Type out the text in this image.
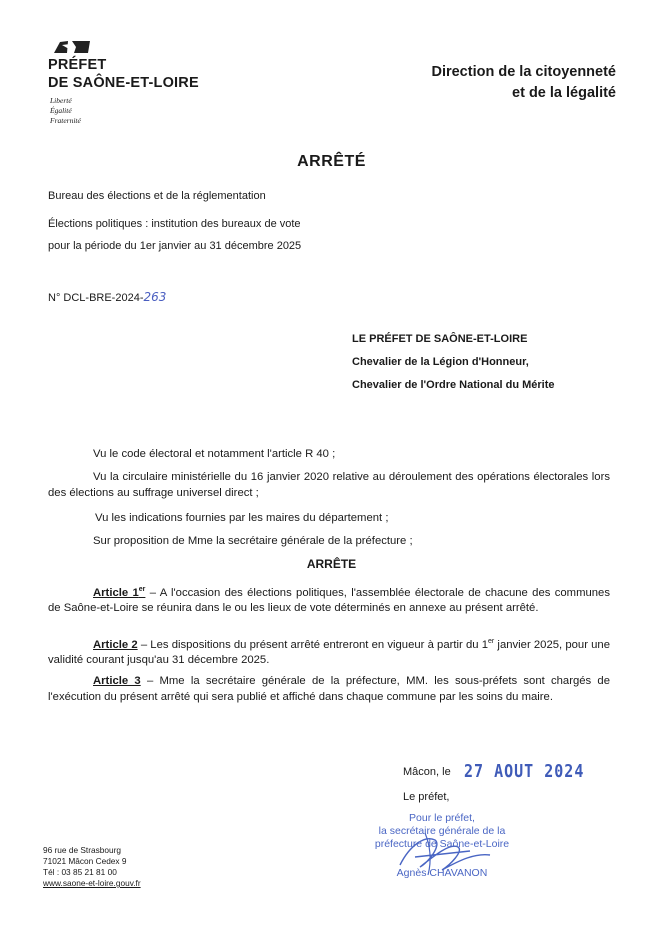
PRÉFET
DE SAÔNE-ET-LOIRE
Liberté
Égalité
Fraternité
Direction de la citoyenneté
et de la légalité
ARRÊTÉ
Bureau des élections et de la réglementation
Élections politiques : institution des bureaux de vote
pour la période du 1er janvier au 31 décembre 2025
N° DCL-BRE-2024-263
LE PRÉFET DE SAÔNE-ET-LOIRE
Chevalier de la Légion d'Honneur,
Chevalier de l'Ordre National du Mérite
Vu le code électoral et notamment l'article R 40 ;
Vu la circulaire ministérielle du 16 janvier 2020 relative au déroulement des opérations électorales lors des élections au suffrage universel direct ;
Vu les indications fournies par les maires du département ;
Sur proposition de Mme la secrétaire générale de la préfecture ;
ARRÊTE
Article 1er – A l'occasion des élections politiques, l'assemblée électorale de chacune des communes de Saône-et-Loire se réunira dans le ou les lieux de vote déterminés en annexe au présent arrêté.
Article 2 – Les dispositions du présent arrêté entreront en vigueur à partir du 1er janvier 2025, pour une validité courant jusqu'au 31 décembre 2025.
Article 3 – Mme la secrétaire générale de la préfecture, MM. les sous-préfets sont chargés de l'exécution du présent arrêté qui sera publié et affiché dans chaque commune par les soins du maire.
Mâcon, le 27 AOUT 2024
Le préfet,
Pour le préfet,
la secrétaire générale de la
préfecture de Saône-et-Loire
Agnès CHAVANON
96 rue de Strasbourg
71021 Mâcon Cedex 9
Tél : 03 85 21 81 00
www.saone-et-loire.gouv.fr
